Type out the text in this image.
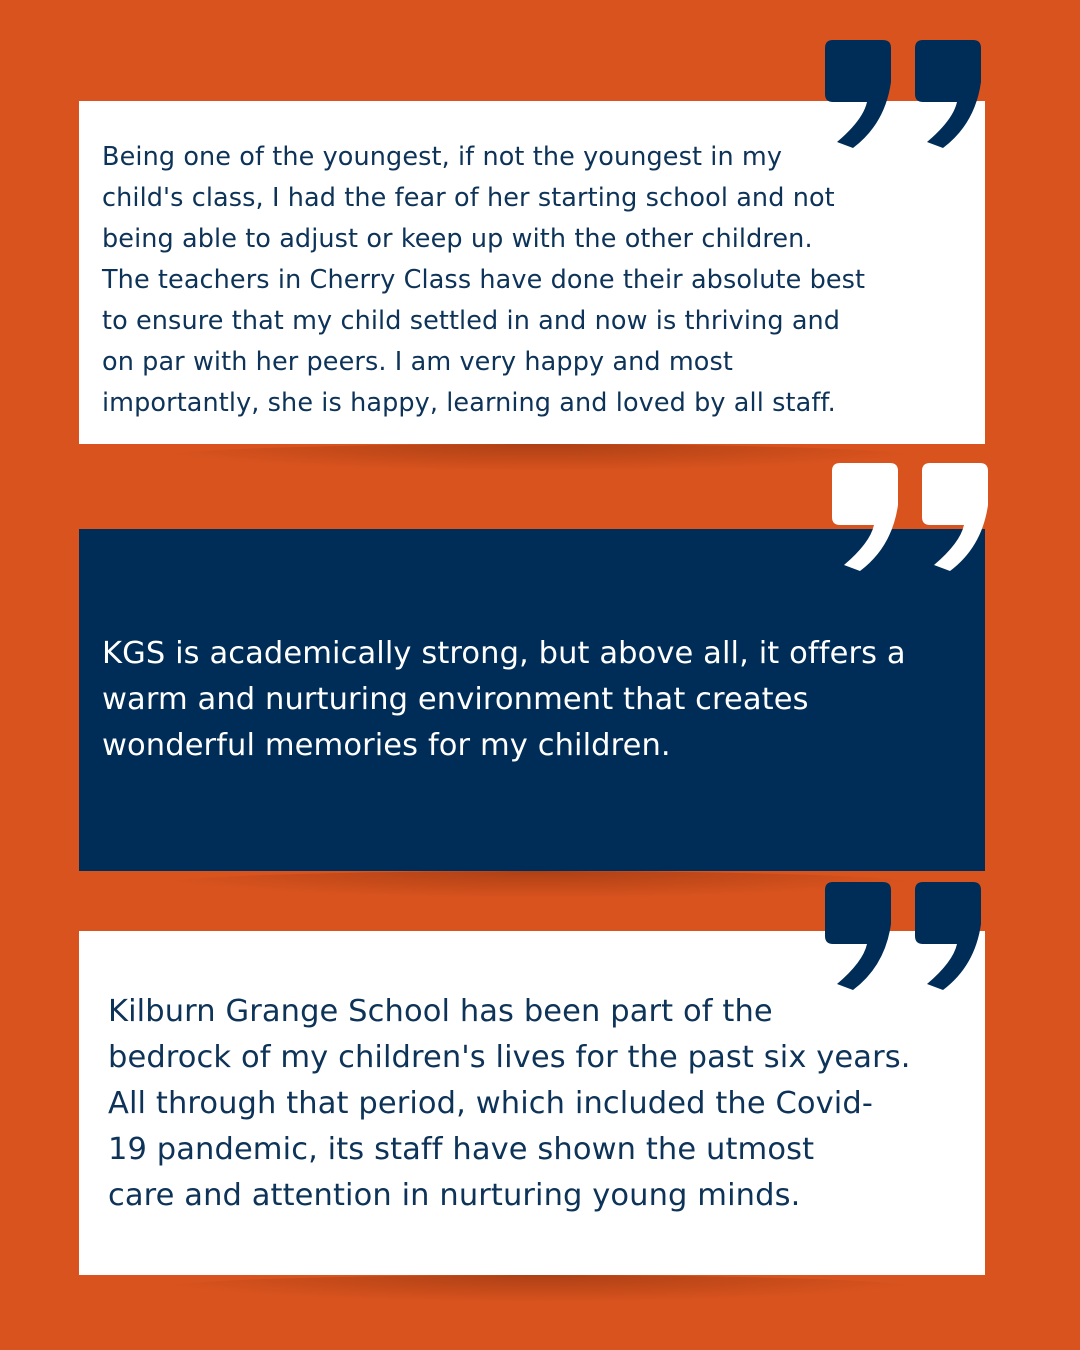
Being one of the youngest, if not the youngest in my
child's class, I had the fear of her starting school and not
being able to adjust or keep up with the other children.
The teachers in Cherry Class have done their absolute best
to ensure that my child settled in and now is thriving and
on par with her peers. I am very happy and most
importantly, she is happy, learning and loved by all staff.

KGS is academically strong, but above all, it offers a
warm and nurturing environment that creates
wonderful memories for my children.

Kilburn Grange School has been part of the
bedrock of my children's lives for the past six years.
All through that period, which included the Covid-
19 pandemic, its staff have shown the utmost
care and attention in nurturing young minds.
